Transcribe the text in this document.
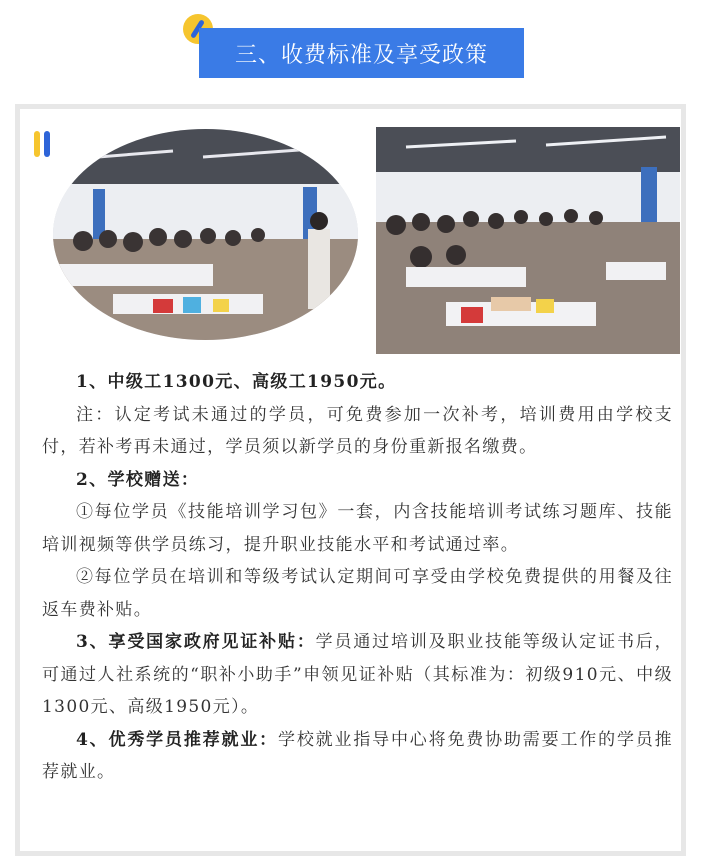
三、收费标准及享受政策

1、中级工1300元、高级工1950元。

注：认定考试未通过的学员，可免费参加一次补考，培训费用由学校支付，若补考再未通过，学员须以新学员的身份重新报名缴费。

2、学校赠送：

①每位学员《技能培训学习包》一套，内含技能培训考试练习题库、技能培训视频等供学员练习，提升职业技能水平和考试通过率。

②每位学员在培训和等级考试认定期间可享受由学校免费提供的用餐及往返车费补贴。

3、享受国家政府见证补贴：学员通过培训及职业技能等级认定证书后，可通过人社系统的“职补小助手”申领见证补贴（其标准为：初级910元、中级1300元、高级1950元）。

4、优秀学员推荐就业：学校就业指导中心将免费协助需要工作的学员推荐就业。
